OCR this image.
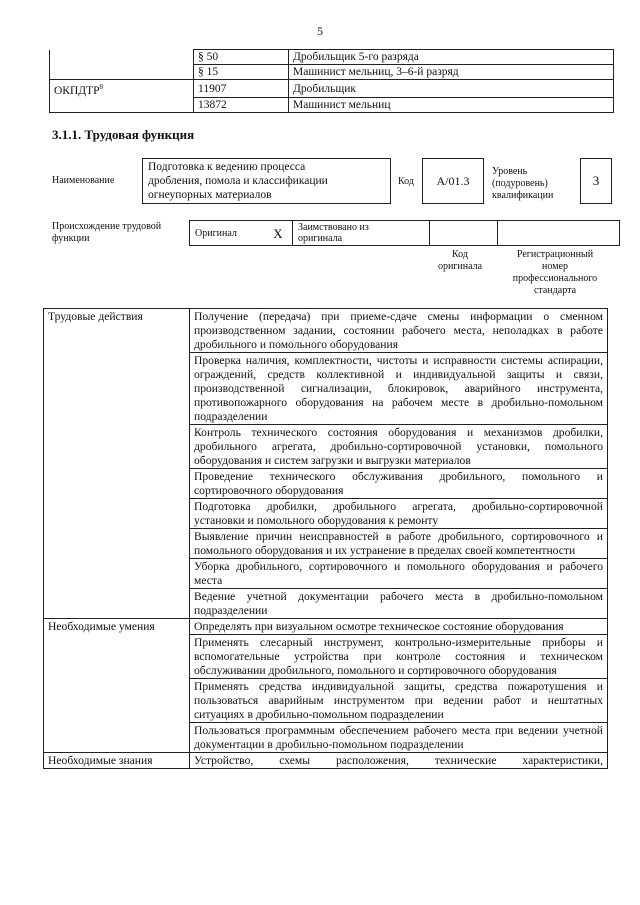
5
	§ 50	Дробильщик 5-го разряда
	§ 15	Машинист мельниц, 3–6-й разряд
ОКПДТР$^8$	11907	Дробильщик
	13872	Машинист мельниц
3.1.1. Трудовая функция
Наименование
Подготовка к ведению процесса
дробления, помола и классификации
огнеупорных материалов
Код	A/01.3
Уровень
(подуровень)
квалификации
3
Происхождение трудовой
функции	Оригинал	X	Заимствовано из
оригинала

Код
оригинала
Регистрационный
номер
профессионального
стандарта
Трудовые действия	Получение (передача) при приеме-сдаче смены информации о сменном производственном задании, состоянии рабочего места, неполадках в работе дробильного и помольного оборудования
	Проверка наличия, комплектности, чистоты и исправности системы аспирации, ограждений, средств коллективной и индивидуальной защиты и связи, производственной сигнализации, блокировок, аварийного инструмента, противопожарного оборудования на рабочем месте в дробильно-помольном подразделении
	Контроль технического состояния оборудования и механизмов дробилки, дробильного агрегата, дробильно-сортировочной установки, помольного оборудования и систем загрузки и выгрузки материалов
	Проведение технического обслуживания дробильного, помольного и сортировочного оборудования
	Подготовка дробилки, дробильного агрегата, дробильно-сортировочной установки и помольного оборудования к ремонту
	Выявление причин неисправностей в работе дробильного, сортировочного и помольного оборудования и их устранение в пределах своей компетентности
	Уборка дробильного, сортировочного и помольного оборудования и рабочего места
	Ведение учетной документации рабочего места в дробильно-помольном подразделении
Необходимые умения	Определять при визуальном осмотре техническое состояние оборудования
	Применять слесарный инструмент, контрольно-измерительные приборы и вспомогательные устройства при контроле состояния и техническом обслуживании дробильного, помольного и сортировочного оборудования
	Применять средства индивидуальной защиты, средства пожаротушения и пользоваться аварийным инструментом при ведении работ и нештатных ситуациях в дробильно-помольном подразделении
	Пользоваться программным обеспечением рабочего места при ведении учетной документации в дробильно-помольном подразделении
Необходимые знания	Устройство, схемы расположения, технические характеристики,
